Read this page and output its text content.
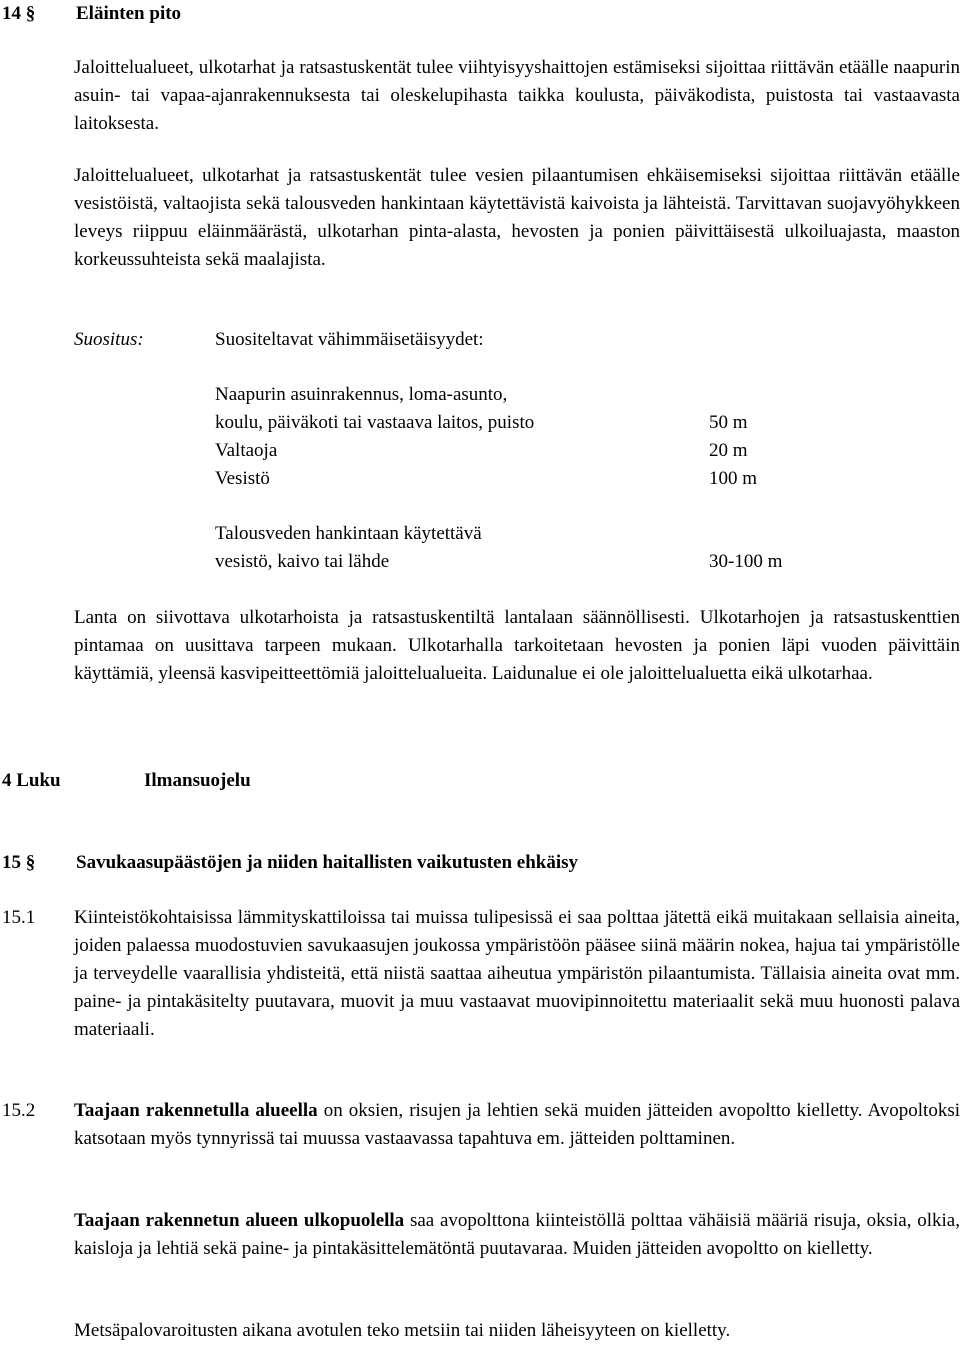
14 § Eläinten pito

Jaloittelualueet, ulkotarhat ja ratsastuskentät tulee viihtyisyyshaittojen estämiseksi sijoittaa riittävän etäälle naapurin asuin- tai vapaa-ajanrakennuksesta tai oleskelupihasta taikka koulusta, päiväkodista, puistosta tai vastaavasta laitoksesta.

Jaloittelualueet, ulkotarhat ja ratsastuskentät tulee vesien pilaantumisen ehkäisemiseksi sijoittaa riittävän etäälle vesistöistä, valtaojista sekä talousveden hankintaan käytettävistä kaivoista ja lähteistä. Tarvittavan suojavyöhykkeen leveys riippuu eläinmäärästä, ulkotarhan pinta-alasta, hevosten ja ponien päivittäisestä ulkoiluajasta, maaston korkeussuhteista sekä maalajista.

Suositus:	Suositeltavat vähimmäisetäisyydet:
Naapurin asuinrakennus, loma-asunto,
koulu, päiväkoti tai vastaava laitos, puisto	50 m
Valtaoja	20 m
Vesistö	100 m
Talousveden hankintaan käytettävä
vesistö, kaivo tai lähde	30-100 m

Lanta on siivottava ulkotarhoista ja ratsastuskentiltä lantalaan säännöllisesti. Ulkotarhojen ja ratsastuskenttien pintamaa on uusittava tarpeen mukaan. Ulkotarhalla tarkoitetaan hevosten ja ponien läpi vuoden päivittäin käyttämiä, yleensä kasvipeitteettömiä jaloittelualueita. Laidunalue ei ole jaloittelualuetta eikä ulkotarhaa.

4 Luku	Ilmansuojelu
15 § Savukaasupäästöjen ja niiden haitallisten vaikutusten ehkäisy
15.1 Kiinteistökohtaisissa lämmityskattiloissa tai muissa tulipesissä ei saa polttaa jätettä eikä muitakaan sellaisia aineita, joiden palaessa muodostuvien savukaasujen joukossa ympäristöön pääsee siinä määrin nokea, hajua tai ympäristölle ja terveydelle vaarallisia yhdisteitä, että niistä saattaa aiheutua ympäristön pilaantumista. Tällaisia aineita ovat mm. paine- ja pintakäsitelty puutavara, muovit ja muu vastaavat muovipinnoitettu materiaalit sekä muu huonosti palava materiaali.

15.2 Taajaan rakennetulla alueella on oksien, risujen ja lehtien sekä muiden jätteiden avopoltto kielletty. Avopoltoksi katsotaan myös tynnyrissä tai muussa vastaavassa tapahtuva em. jätteiden polttaminen.

Taajaan rakennetun alueen ulkopuolella saa avopolttona kiinteistöllä polttaa vähäisiä määriä risuja, oksia, olkia, kaisloja ja lehtiä sekä paine- ja pintakäsittelemätöntä puutavaraa. Muiden jätteiden avopoltto on kielletty.

Metsäpalovaroitusten aikana avotulen teko metsiin tai niiden läheisyyteen on kielletty.
